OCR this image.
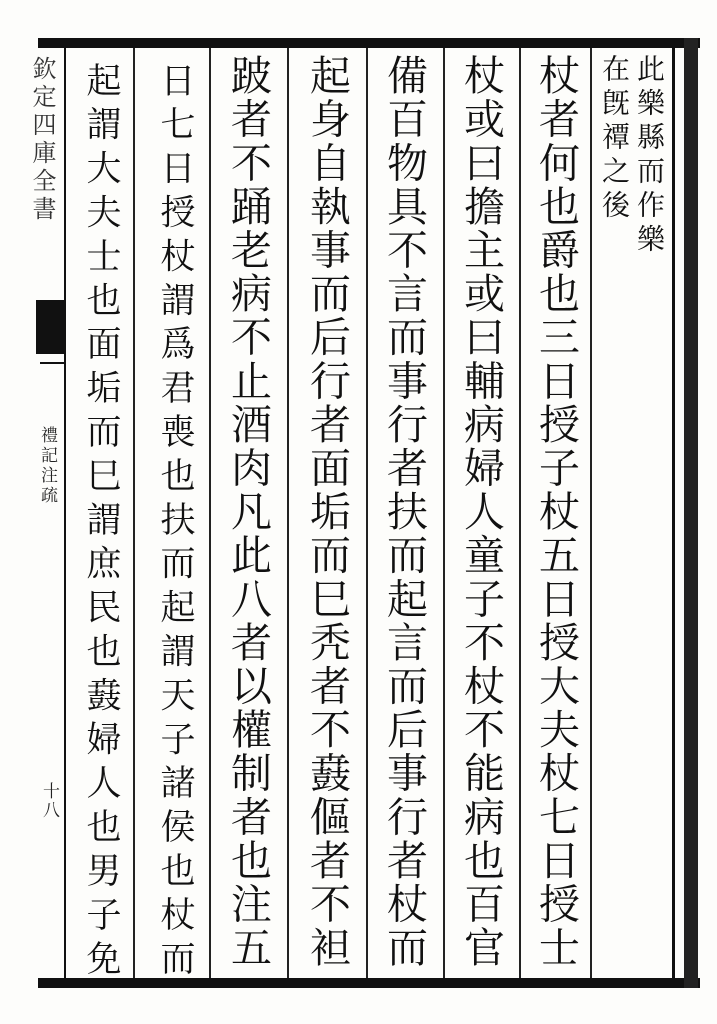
欽定四庫全書
禮記注疏
十八 起謂大夫士也面垢而巳謂庶民也鼖婦人也男子免 日七日授杖謂爲君喪也扶而起謂天子諸侯也杖而 跛者不踊老病不止酒肉凡此八者以權制者也注五 起身自執事而后行者面垢而巳秃者不鼖傴者不袒 備百物具不言而事行者扶而起言而后事行者杖而 杖或曰擔主或曰輔病婦人童子不杖不能病也百官 杖者何也爵也三日授子杖五日授大夫杖七日授士 在旣禫之後 此樂縣而作樂
